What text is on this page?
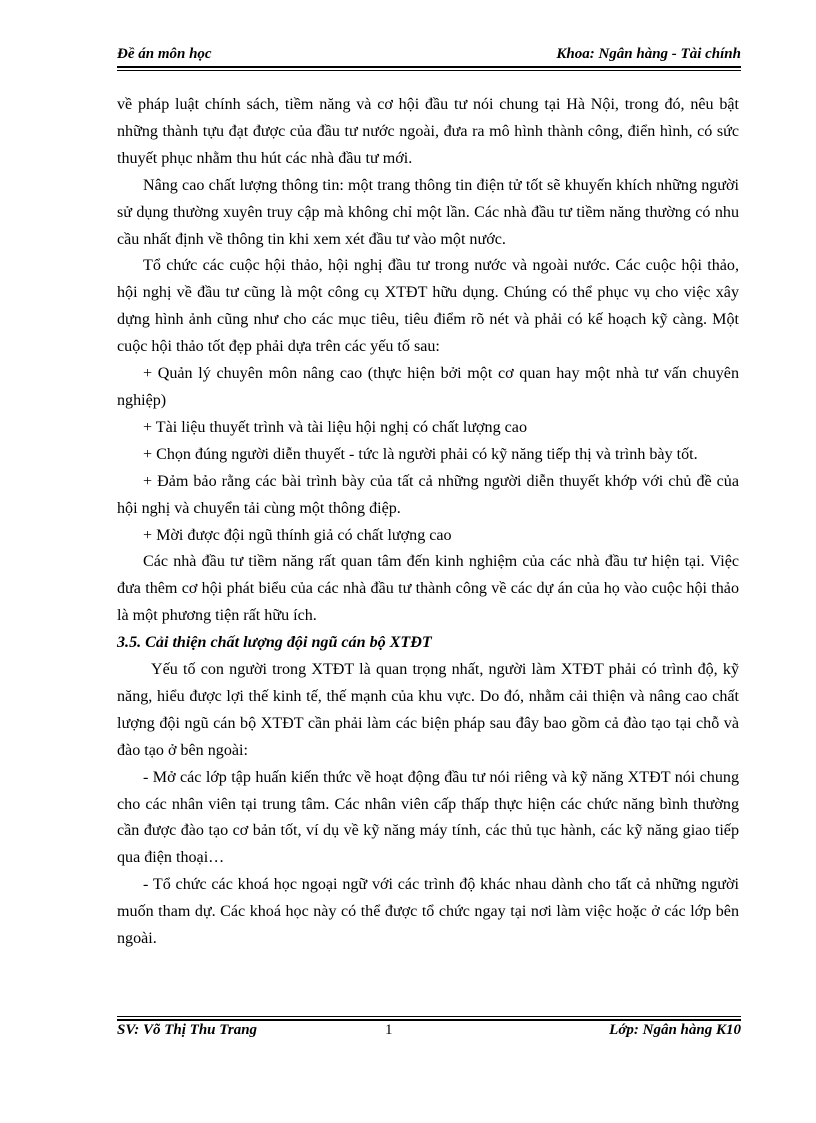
Đề án môn học	Khoa: Ngân hàng - Tài chính

về pháp luật chính sách, tiềm năng và cơ hội đầu tư nói chung tại Hà Nội, trong đó, nêu bật những thành tựu đạt được của đầu tư nước ngoài, đưa ra mô hình thành công, điển hình, có sức thuyết phục nhằm thu hút các nhà đầu tư mới.

Nâng cao chất lượng thông tin: một trang thông tin điện tử tốt sẽ khuyến khích những người sử dụng thường xuyên truy cập mà không chỉ một lần. Các nhà đầu tư tiềm năng thường có nhu cầu nhất định về thông tin khi xem xét đầu tư vào một nước.

Tổ chức các cuộc hội thảo, hội nghị đầu tư trong nước và ngoài nước. Các cuộc hội thảo, hội nghị về đầu tư cũng là một công cụ XTĐT hữu dụng. Chúng có thể phục vụ cho việc xây dựng hình ảnh cũng như cho các mục tiêu, tiêu điểm rõ nét và phải có kế hoạch kỹ càng. Một cuộc hội thảo tốt đẹp phải dựa trên các yếu tố sau:

+ Quản lý chuyên môn nâng cao (thực hiện bởi một cơ quan hay một nhà tư vấn chuyên nghiệp)

+ Tài liệu thuyết trình và tài liệu hội nghị có chất lượng cao

+ Chọn đúng người diễn thuyết - tức là người phải có kỹ năng tiếp thị và trình bày tốt.

+ Đảm bảo rằng các bài trình bày của tất cả những người diễn thuyết khớp với chủ đề của hội nghị và chuyển tải cùng một thông điệp.

+ Mời được đội ngũ thính giả có chất lượng cao

Các nhà đầu tư tiềm năng rất quan tâm đến kinh nghiệm của các nhà đầu tư hiện tại. Việc đưa thêm cơ hội phát biểu của các nhà đầu tư thành công về các dự án của họ vào cuộc hội thảo là một phương tiện rất hữu ích.

3.5. Cải thiện chất lượng đội ngũ cán bộ XTĐT

Yếu tố con người trong XTĐT là quan trọng nhất, người làm XTĐT phải có trình độ, kỹ năng, hiểu được lợi thế kinh tế, thế mạnh của khu vực. Do đó, nhằm cải thiện và nâng cao chất lượng đội ngũ cán bộ XTĐT cần phải làm các biện pháp sau đây bao gồm cả đào tạo tại chỗ và đào tạo ở bên ngoài:

- Mở các lớp tập huấn kiến thức về hoạt động đầu tư nói riêng và kỹ năng XTĐT nói chung cho các nhân viên tại trung tâm. Các nhân viên cấp thấp thực hiện các chức năng bình thường cần được đào tạo cơ bản tốt, ví dụ về kỹ năng máy tính, các thủ tục hành, các kỹ năng giao tiếp qua điện thoại…

- Tổ chức các khoá học ngoại ngữ với các trình độ khác nhau dành cho tất cả những người muốn tham dự. Các khoá học này có thể được tổ chức ngay tại nơi làm việc hoặc ở các lớp bên ngoài.

SV: Võ Thị Thu Trang	1	Lớp: Ngân hàng K10
